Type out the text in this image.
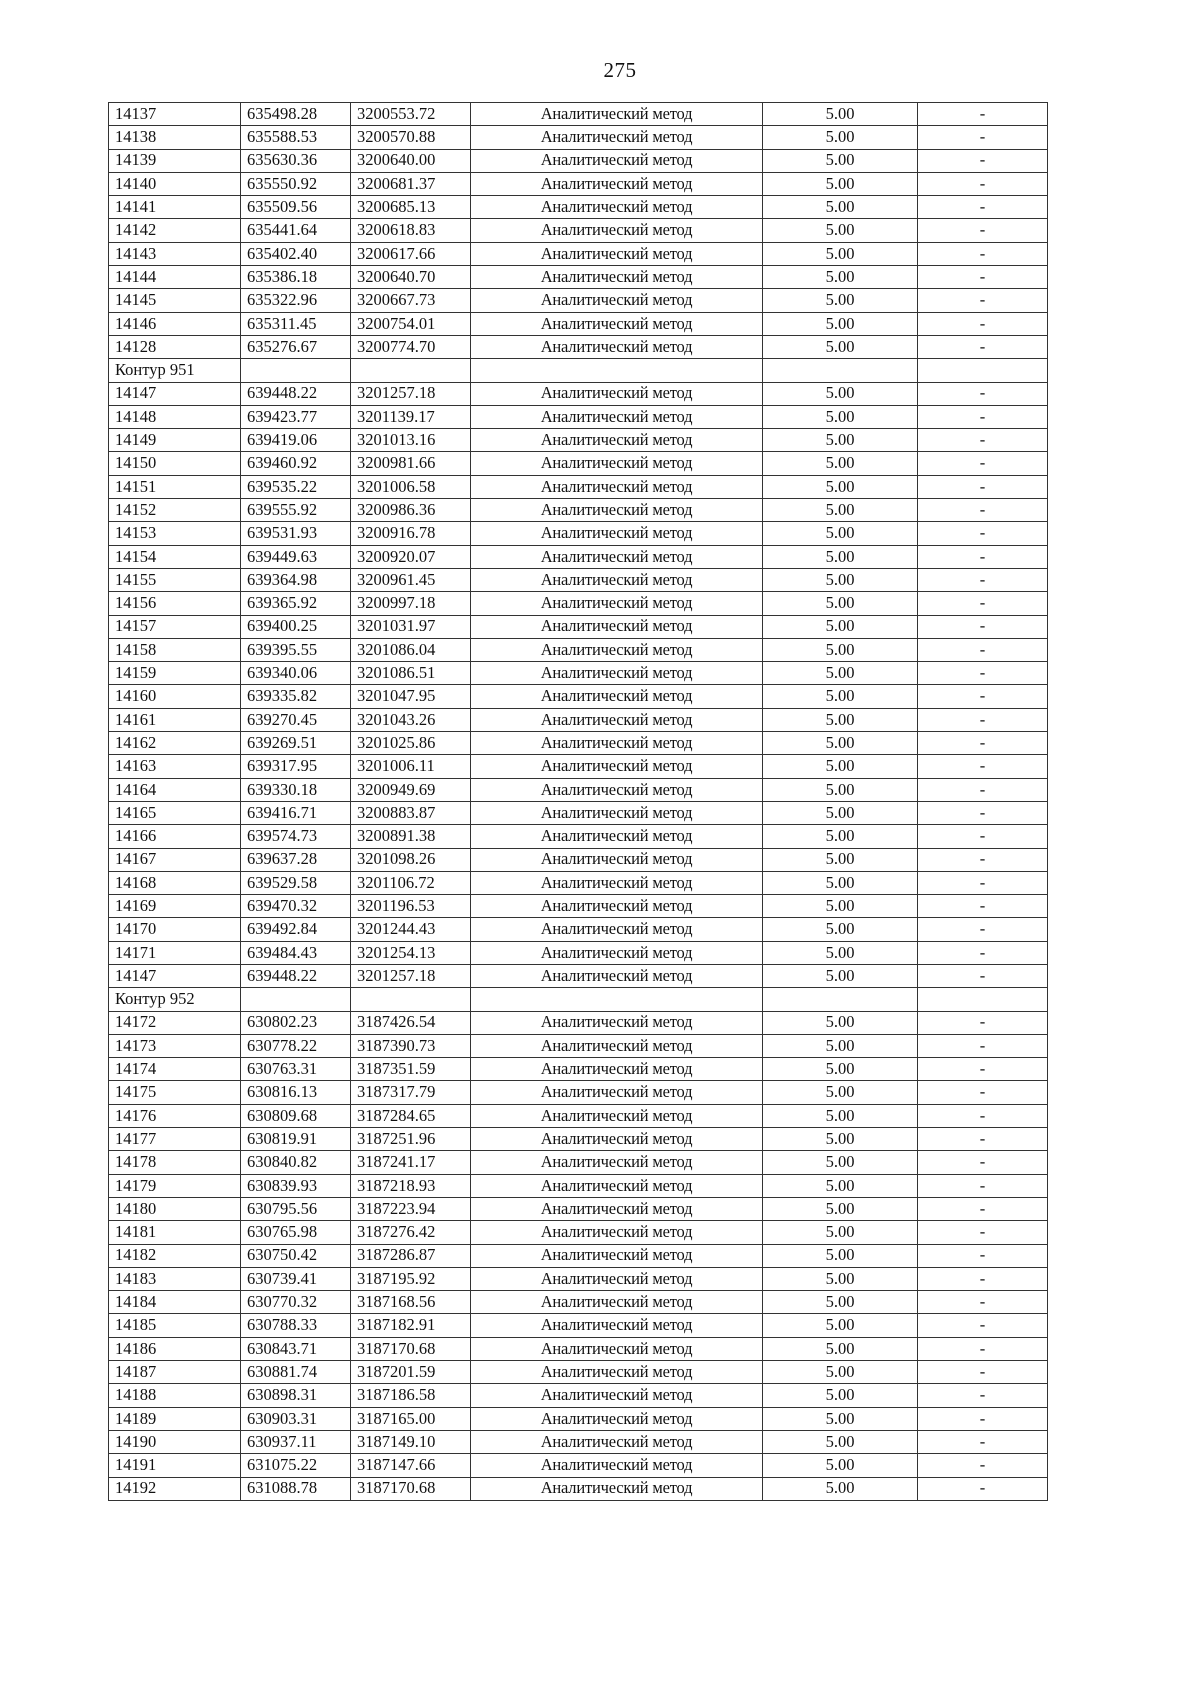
275
14137	635498.28	3200553.72	Аналитический метод	5.00	-
14138	635588.53	3200570.88	Аналитический метод	5.00	-
14139	635630.36	3200640.00	Аналитический метод	5.00	-
14140	635550.92	3200681.37	Аналитический метод	5.00	-
14141	635509.56	3200685.13	Аналитический метод	5.00	-
14142	635441.64	3200618.83	Аналитический метод	5.00	-
14143	635402.40	3200617.66	Аналитический метод	5.00	-
14144	635386.18	3200640.70	Аналитический метод	5.00	-
14145	635322.96	3200667.73	Аналитический метод	5.00	-
14146	635311.45	3200754.01	Аналитический метод	5.00	-
14128	635276.67	3200774.70	Аналитический метод	5.00	-
Контур 951					
14147	639448.22	3201257.18	Аналитический метод	5.00	-
14148	639423.77	3201139.17	Аналитический метод	5.00	-
14149	639419.06	3201013.16	Аналитический метод	5.00	-
14150	639460.92	3200981.66	Аналитический метод	5.00	-
14151	639535.22	3201006.58	Аналитический метод	5.00	-
14152	639555.92	3200986.36	Аналитический метод	5.00	-
14153	639531.93	3200916.78	Аналитический метод	5.00	-
14154	639449.63	3200920.07	Аналитический метод	5.00	-
14155	639364.98	3200961.45	Аналитический метод	5.00	-
14156	639365.92	3200997.18	Аналитический метод	5.00	-
14157	639400.25	3201031.97	Аналитический метод	5.00	-
14158	639395.55	3201086.04	Аналитический метод	5.00	-
14159	639340.06	3201086.51	Аналитический метод	5.00	-
14160	639335.82	3201047.95	Аналитический метод	5.00	-
14161	639270.45	3201043.26	Аналитический метод	5.00	-
14162	639269.51	3201025.86	Аналитический метод	5.00	-
14163	639317.95	3201006.11	Аналитический метод	5.00	-
14164	639330.18	3200949.69	Аналитический метод	5.00	-
14165	639416.71	3200883.87	Аналитический метод	5.00	-
14166	639574.73	3200891.38	Аналитический метод	5.00	-
14167	639637.28	3201098.26	Аналитический метод	5.00	-
14168	639529.58	3201106.72	Аналитический метод	5.00	-
14169	639470.32	3201196.53	Аналитический метод	5.00	-
14170	639492.84	3201244.43	Аналитический метод	5.00	-
14171	639484.43	3201254.13	Аналитический метод	5.00	-
14147	639448.22	3201257.18	Аналитический метод	5.00	-
Контур 952					
14172	630802.23	3187426.54	Аналитический метод	5.00	-
14173	630778.22	3187390.73	Аналитический метод	5.00	-
14174	630763.31	3187351.59	Аналитический метод	5.00	-
14175	630816.13	3187317.79	Аналитический метод	5.00	-
14176	630809.68	3187284.65	Аналитический метод	5.00	-
14177	630819.91	3187251.96	Аналитический метод	5.00	-
14178	630840.82	3187241.17	Аналитический метод	5.00	-
14179	630839.93	3187218.93	Аналитический метод	5.00	-
14180	630795.56	3187223.94	Аналитический метод	5.00	-
14181	630765.98	3187276.42	Аналитический метод	5.00	-
14182	630750.42	3187286.87	Аналитический метод	5.00	-
14183	630739.41	3187195.92	Аналитический метод	5.00	-
14184	630770.32	3187168.56	Аналитический метод	5.00	-
14185	630788.33	3187182.91	Аналитический метод	5.00	-
14186	630843.71	3187170.68	Аналитический метод	5.00	-
14187	630881.74	3187201.59	Аналитический метод	5.00	-
14188	630898.31	3187186.58	Аналитический метод	5.00	-
14189	630903.31	3187165.00	Аналитический метод	5.00	-
14190	630937.11	3187149.10	Аналитический метод	5.00	-
14191	631075.22	3187147.66	Аналитический метод	5.00	-
14192	631088.78	3187170.68	Аналитический метод	5.00	-
